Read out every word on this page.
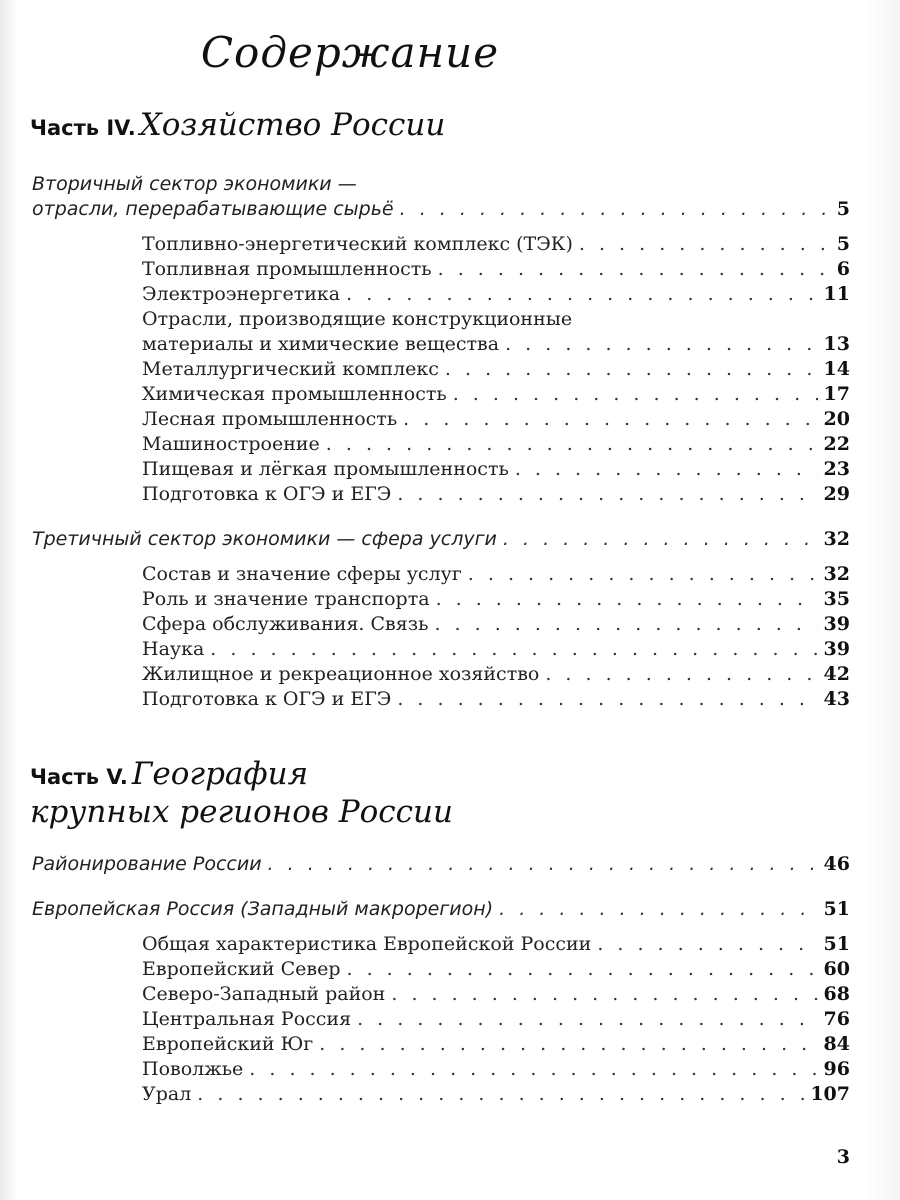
Содержание
Часть IV. Хозяйство России
Вторичный сектор экономики —
отрасли, перерабатывающие сырьё . . .	5
Топливно-энергетический комплекс (ТЭК) . . .	5
Топливная промышленность . . .	6
Электроэнергетика . . .	11
Отрасли, производящие конструкционные
материалы и химические вещества . . .	13
Металлургический комплекс . . .	14
Химическая промышленность . . .	17
Лесная промышленность . . .	20
Машиностроение . . .	22
Пищевая и лёгкая промышленность . . .	23
Подготовка к ОГЭ и ЕГЭ . . .	29
Третичный сектор экономики — сфера услуги . . .	32
Состав и значение сферы услуг . . .	32
Роль и значение транспорта . . .	35
Сфера обслуживания. Связь . . .	39
Наука . . .	39
Жилищное и рекреационное хозяйство . . .	42
Подготовка к ОГЭ и ЕГЭ . . .	43
Часть V. География
крупных регионов России
Районирование России . . .	46
Европейская Россия (Западный макрорегион) . . .	51
Общая характеристика Европейской России . . .	51
Европейский Север . . .	60
Северо-Западный район . . .	68
Центральная Россия . . .	76
Европейский Юг . . .	84
Поволжье . . .	96
Урал . . .	107
3
